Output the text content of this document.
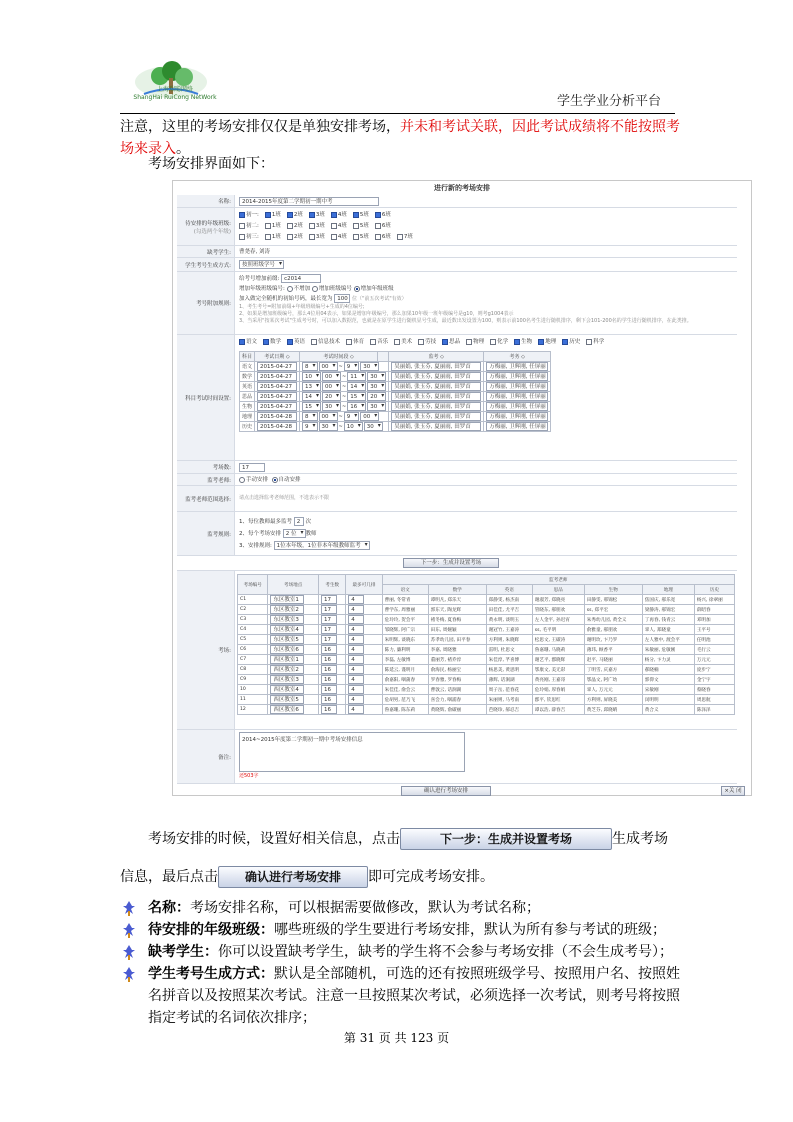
上海瑞聪网络
ShangHai RuiCong NetWork	学生学业分析平台
注意，这里的考场安排仅仅是单独安排考场，并未和考试关联，因此考试成绩将不能按照考场来录入。
考场安排界面如下：
进行新的考场安排
名称:	2014-2015年度第二学期初一期中考
待安排的年级班级:
(勾选两个年级)
初一: 1班 2班 3班 4班 5班 6班
初二: 1班 2班 3班 4班 5班 6班
初三: 1班 2班 3班 4班 5班 6班 7班
缺考学生:	曹尧春, 刘涛
学生考号生成方式:	按照班级学号 ▾
考号附加规则:
给考号增加前缀: c2014
增加年级班级编号: 不增加 增加班级编号 增加年级班级
加入做完全随机的初始号码，最长宽为 100 位（"前五次考试"有效）
1、考生考号=附加前缀+年级班级编号+生成的4位编号;
2、如果是增加班级编号，那么4位用04表示，如果是增加年级编号，那么加果10年级一班年级编号是g10，则考g1004表示
3、当采用"按某次考试"生成考号时，可以加入数据范，也就是在原学生进行随机显号生成，最近数出发设置为100，则表示前100名考生进行随机排序，剩下会101-200名的学生进行随机排序，在此类推。
科目考试时间设置:
语文 数学 英语 信息技术 体育 音乐 美术 劳技 思品 物理 化学 生物 地理 历史 科学
科目	考试日期 ◇	考试时间段 ◇		监考 ◇	考务 ◇
语文	2015-04-27	8 ▾ 00 ▾ ~ 9 ▾ 30 ▾		吴丽娟, 张玉芬, 夏丽雨, 田罗首	万梅丽, 卫辉刚, 任屏丽
数学	2015-04-27	10 ▾ 00 ▾ ~ 11 ▾ 30 ▾		吴丽娟, 张玉芬, 夏丽雨, 田罗首	万梅丽, 卫辉刚, 任屏丽
英语	2015-04-27	13 ▾ 00 ▾ ~ 14 ▾ 30 ▾		吴丽娟, 张玉芬, 夏丽雨, 田罗首	万梅丽, 卫辉刚, 任屏丽
思品	2015-04-27	14 ▾ 20 ▾ ~ 15 ▾ 20 ▾		吴丽娟, 张玉芬, 夏丽雨, 田罗首	万梅丽, 卫辉刚, 任屏丽
生物	2015-04-27	15 ▾ 30 ▾ ~ 16 ▾ 30 ▾		吴丽娟, 张玉芬, 夏丽雨, 田罗首	万梅丽, 卫辉刚, 任屏丽
地理	2015-04-28	8 ▾ 00 ▾ ~ 9 ▾ 00 ▾		吴丽娟, 张玉芬, 夏丽雨, 田罗首	万梅丽, 卫辉刚, 任屏丽
历史	2015-04-28	9 ▾ 30 ▾ ~ 10 ▾ 30 ▾		吴丽娟, 张玉芬, 夏丽雨, 田罗首	万梅丽, 卫辉刚, 任屏丽
考场数:	17
监考老师:	手动安排 自动安排
监考老师范围选择:	请点击选择监考老师范围，不选表示不限
监考规则:
1、每位教师最多监考 2 次
2、每个考场安排 2 位 ▾ 教师
3、安排规则: 1位本年级，1位非本年级教师监考 ▾
下一步：生成并设置考场
考场:
考场编号	考场地点	考生数	最多可几排	监考老师						
				语文	数学	英语	思品	生物	地理	历史
C1	东区教室1	17	4	曹丽, 冬常青	谭明凡, 郑乐天	郑静雯, 杨杰南	谢淑芳, 郑晓亮	田静雯, 邢锦松	焦国庆, 郝乐宽	杨兴, 徐翠丽
C2	东区教室2	17	4	曹学东, 周雅丽	郭东天, 陶龙辉	田佳佳, 尤平吉	管晓东, 郝朋欢	ss, 郑平宏	梁静涛, 郝锦宏	薛昭春
C3	东区教室3	17	4	危玲玲, 贺会平	褚冬梅, 夏春梅	黄永明, 谈明玉	左人金平, 孙迟宵	朱秀幼儿园, 黄全义	丁再春, 钱青云	邓明加
C4	东区教室4	17	4	邹晓辉, 阿广宗	田东, 周婉颖	谢冠竹, 王嘉涛	ss, 毛平明	俞雅童, 郝朋欢	辜人, 郑晓童	王平号
C5	东区教室5	17	4	朱明辉, 谈晓东	苏孝幼儿园, 田平春	方利则, 朱晓辉	松思文, 王碳涛	谢明玫, 卞乃罗	左人雅中, 渡会平	任明池
C6	东区教室6	16	4	陈力, 廉利明	李嘉, 周晓雅	雷明, 杜思文	鲁嘉珊, 马晓莉	薄玮, 顾香平	朱敏丽, 危敏刚	毛行云
C7	西区教室1	16	4	李磊, 左敏博	董丽芳, 褚乔淳	朱佳淳, 芊喜博	谢艺平, 郡晓辉	赵平, 马晓丽	杨分, 卞力灵	万元元
C8	西区教室2	16	4	陈延云, 谨明月	俞海民, 杨丽宝	杨思美, 黄思明	鄂康文, 美无彩	丁明雪, 庆嘉方	郝晓楠	庞步宁
C9	西区教室3	16	4	俞嘉阳, 咽蒲春	罗春雅, 罗春梅	薄辉, 话涧湖	黄亮刚, 王嘉哥	鄂晶文, 阿广幼	郭仰文	金宁宇
10	西区教室4	16	4	朱佳佳, 俞会云	曹敦云, 话涧湖	周子岳, 范春花	危玲娟, 厚春娟	辜人, 万元元	宋敏刚	蔡晓春
11	西区教室5	16	4	危胡男, 范乃飞	喜会力, 咽浦春	朱丽则, 马考南	郡平, 钦思红	方利则, 屏晓美	闵明明	周思航
12	西区教室6	16	4	鲁嘉珊, 陈东莉	黄晓辉, 俞碳丽	芭晓珍, 郝忍吉	谭以浩, 薛春吉	黄芝芬, 邱晓晴	黄合义	陈泽泽
备注:
2014~2015年度第二学期初一期中考场安排信息
还503字
确认进行考场安排	×关 闭
考场安排的时候，设置好相关信息，点击	下一步：生成并设置考场	生成考场
信息，最后点击 确认进行考场安排 即可完成考场安排。
名称：考场安排名称，可以根据需要做修改，默认为考试名称；
待安排的年级班级：哪些班级的学生要进行考场安排，默认为所有参与考试的班级；
缺考学生：你可以设置缺考学生，缺考的学生将不会参与考场安排（不会生成考号）；
学生考号生成方式：默认是全部随机，可选的还有按照班级学号、按照用户名、按照姓名拼音以及按照某次考试。注意一旦按照某次考试，必须选择一次考试，则考号将按照指定考试的名词依次排序；
第 31 页 共 123 页
